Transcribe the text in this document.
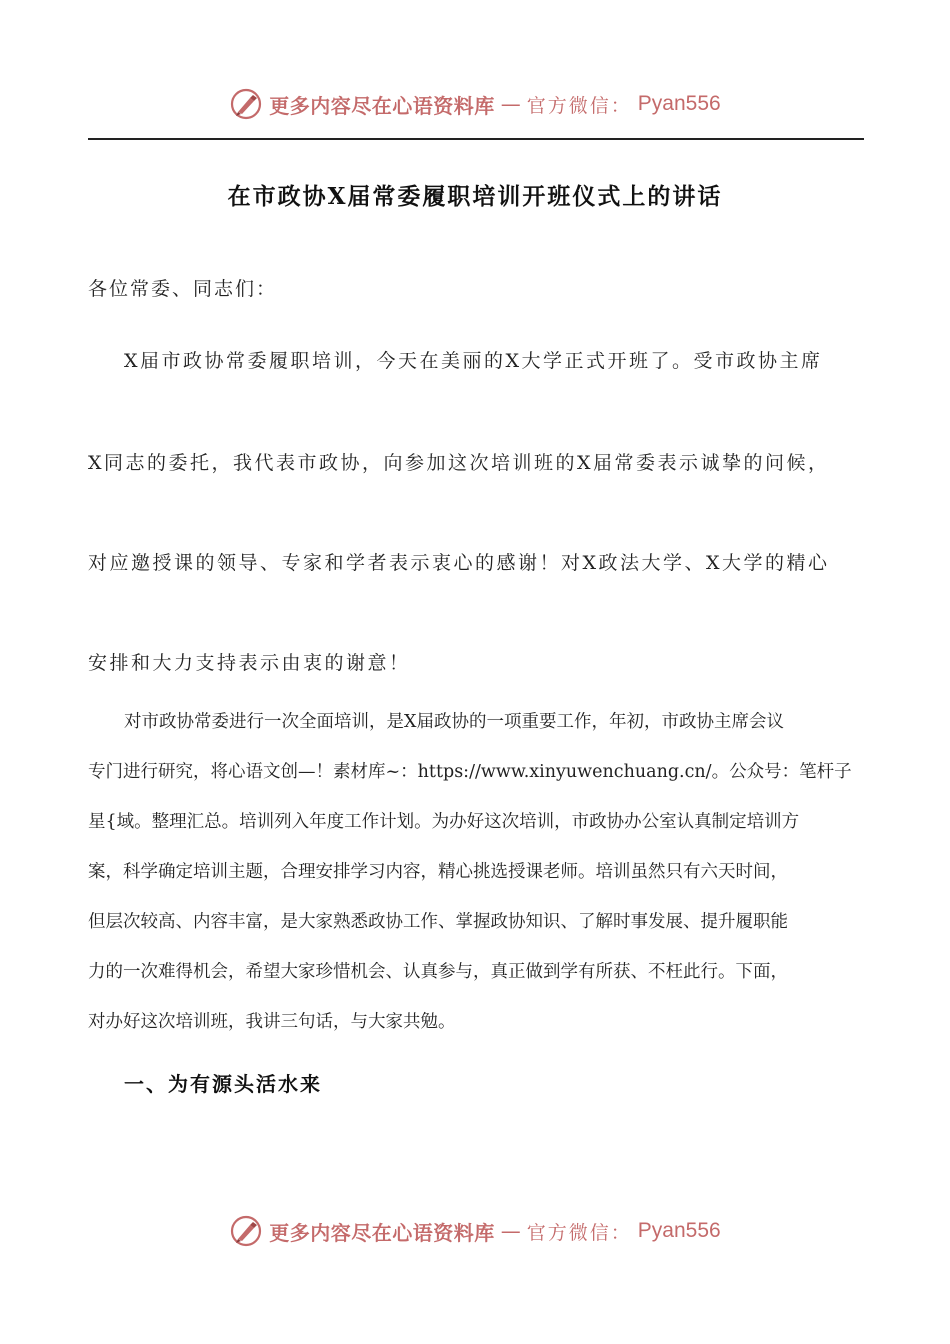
更多内容尽在心语资料库 — 官方微信： Pyan556
在市政协X届常委履职培训开班仪式上的讲话
各位常委、同志们：
X届市政协常委履职培训，今天在美丽的X大学正式开班了。受市政协主席
X同志的委托，我代表市政协，向参加这次培训班的X届常委表示诚挚的问候，
对应邀授课的领导、专家和学者表示衷心的感谢！对X政法大学、X大学的精心
安排和大力支持表示由衷的谢意！
对市政协常委进行一次全面培训，是X届政协的一项重要工作，年初，市政协主席会议
专门进行研究，将心语文创—！素材库~：https://www.xinyuwenchuang.cn/。公众号：笔杆子
星{域。整理汇总。培训列入年度工作计划。为办好这次培训，市政协办公室认真制定培训方
案，科学确定培训主题，合理安排学习内容，精心挑选授课老师。培训虽然只有六天时间，
但层次较高、内容丰富，是大家熟悉政协工作、掌握政协知识、了解时事发展、提升履职能
力的一次难得机会，希望大家珍惜机会、认真参与，真正做到学有所获、不枉此行。下面，
对办好这次培训班，我讲三句话，与大家共勉。
一、为有源头活水来
更多内容尽在心语资料库 — 官方微信： Pyan556
